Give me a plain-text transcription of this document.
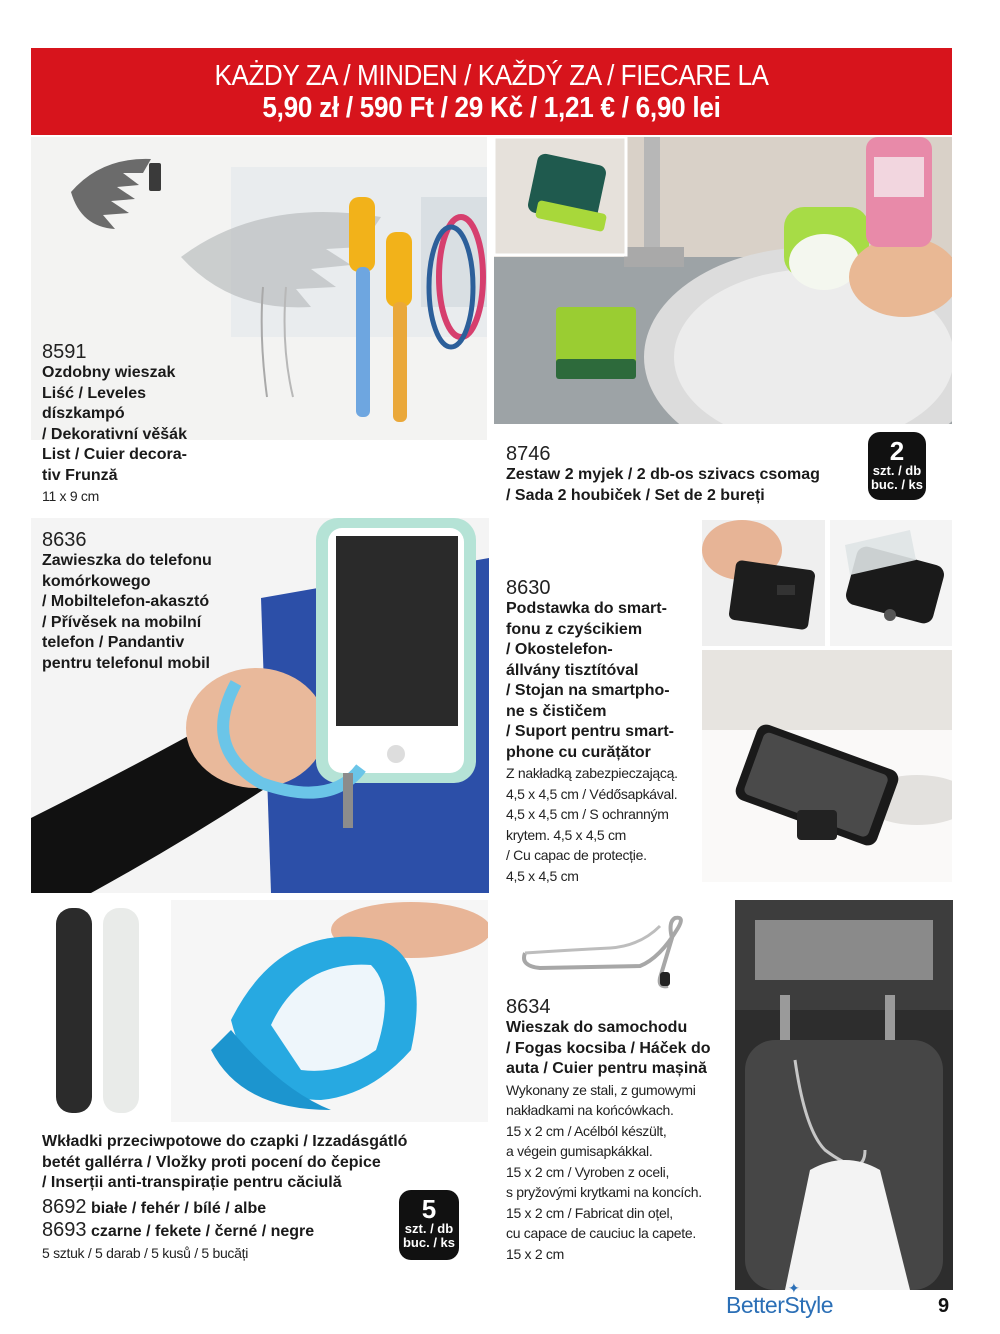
KAŻDY ZA / MINDEN / KAŽDÝ ZA / FIECARE LA
5,90 zł / 590 Ft / 29 Kč / 1,21 € / 6,90 lei
8591
Ozdobny wieszak
Liść / Leveles
díszkampó
/ Dekorativní věšák
List / Cuier decora-
tiv Frunză
11 x 9 cm
8746
Zestaw 2 myjek / 2 db-os szivacs csomag
/ Sada 2 houbiček / Set de 2 bureți
2
szt. / db
buc. / ks
8636
Zawieszka do telefonu
komórkowego
/ Mobiltelefon-akasztó
/ Přívěsek na mobilní
telefon / Pandantiv
pentru telefonul mobil
8630
Podstawka do smart-
fonu z czyścikiem
/ Okostelefon-
állvány tisztítóval
/ Stojan na smartpho-
ne s čističem
/ Suport pentru smart-
phone cu curățător
Z nakładką zabezpieczającą.
4,5 x 4,5 cm / Védősapkával.
4,5 x 4,5 cm / S ochranným
krytem. 4,5 x 4,5 cm
/ Cu capac de protecție.
4,5 x 4,5 cm
Wkładki przeciwpotowe do czapki / Izzadásgátló
betét gallérra / Vložky proti pocení do čepice
/ Inserții anti-transpirație pentru căciulă
8692 białe / fehér / bílé / albe
8693 czarne / fekete / černé / negre
5 sztuk / 5 darab / 5 kusů / 5 bucăți
5
szt. / db
buc. / ks
8634
Wieszak do samochodu
/ Fogas kocsiba / Háček do
auta / Cuier pentru mașină
Wykonany ze stali, z gumowymi
nakładkami na końcówkach.
15 x 2 cm / Acélból készült,
a végein gumisapkákkal.
15 x 2 cm / Vyroben z oceli,
s pryžovými krytkami na koncích.
15 x 2 cm / Fabricat din oțel,
cu capace de cauciuc la capete.
15 x 2 cm
BetterStyle
✦
9
